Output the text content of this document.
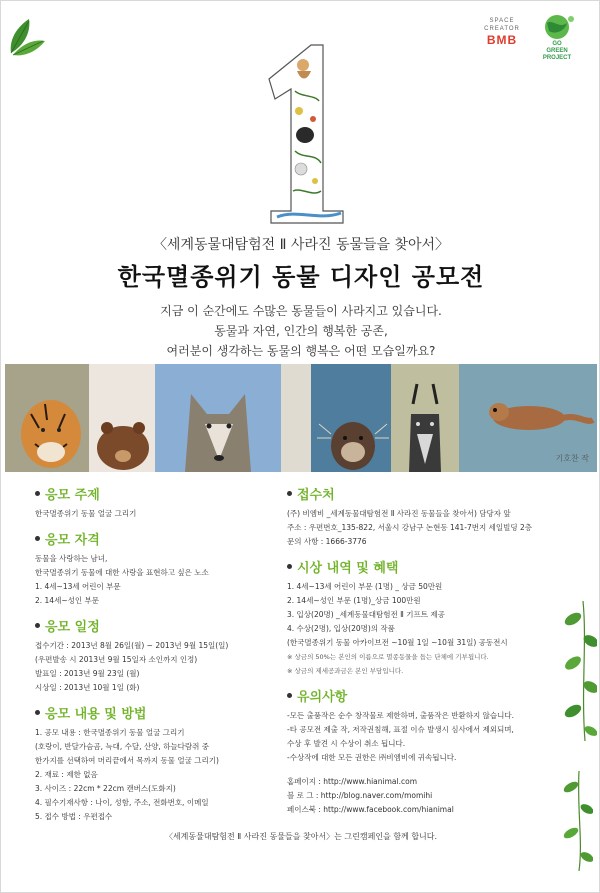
SPACE
CREATOR
BMB	GO
GREEN PROJECT
〈세계동물대탐험전 Ⅱ 사라진 동물들을 찾아서〉
한국멸종위기 동물 디자인 공모전
지금 이 순간에도 수많은 동물들이 사라지고 있습니다.
동물과 자연, 인간의 행복한 공존,
여러분이 생각하는 동물의 행복은 어떤 모습일까요?
기호찬 작
응모 주제
한국멸종위기 동물 얼굴 그리기
응모 자격
동물을 사랑하는 남녀,
한국멸종위기 동물에 대한 사랑을 표현하고 싶은 노소
1. 4세~13세 어린이 부문
2. 14세~성인 부문
응모 일정
접수기간 : 2013년 8월 26일(월) ~ 2013년 9월 15일(일)
(우편발송 시 2013년 9월 15일자 소인까지 인정)
발표일 : 2013년 9월 23일 (월)
시상일 : 2013년 10월 1일 (화)
응모 내용 및 방법
1. 공모 내용 : 한국멸종위기 동물 얼굴 그리기
(호랑이, 반달가슴곰, 늑대, 수달, 산양, 하늘다람쥐 중
한가지를 선택하여 머리끝에서 목까지 동물 얼굴 그리기)
2. 재료 : 제한 없음
3. 사이즈 : 22cm * 22cm 캔버스(도화지)
4. 필수기재사항 : 나이, 성함, 주소, 전화번호, 이메일
5. 접수 방법 : 우편접수
접수처
(주) 비엠비 _세계동물대탐험전 Ⅱ 사라진 동물들을 찾아서) 담당자 앞
주소 : 우편번호_135-822, 서울시 강남구 논현동 141-7번지 세일빌딩 2층
문의 사항 : 1666-3776
시상 내역 및 혜택
1. 4세~13세 어린이 부문 (1명) _ 상금 50만원
2. 14세~성인 부문 (1명)_상금 100만원
3. 입상(20명) _세계동물대탐험전 Ⅱ 기프트 제공
4. 수상(2명), 입상(20명)의 작품
(한국멸종위기 동물 아카이브전 ~10월 1일 ~10월 31일) 공동전시
※ 상금의 50%는 본인의 이름으로 멸종동물을 돕는 단체에 기부됩니다.
※ 상금의 제세공과금은 본인 부담입니다.
유의사항
-모든 출품작은 순수 창작물로 제한하며, 출품작은 반환하지 않습니다.
-타 공모전 제출 작, 저작권침해, 표절 이슈 발생시 심사에서 제외되며,
수상 후 발견 시 수상이 취소 됩니다.
-수상작에 대한 모든 권한은 ㈜비엠비에 귀속됩니다.
홈페이지 : http://www.hianimal.com
블 로 그 : http://blog.naver.com/momihi
페이스북 : http://www.facebook.com/hianimal
〈세계동물대탐험전 Ⅱ 사라진 동물들을 찾아서〉는 그린캠페인을 함께 합니다.
